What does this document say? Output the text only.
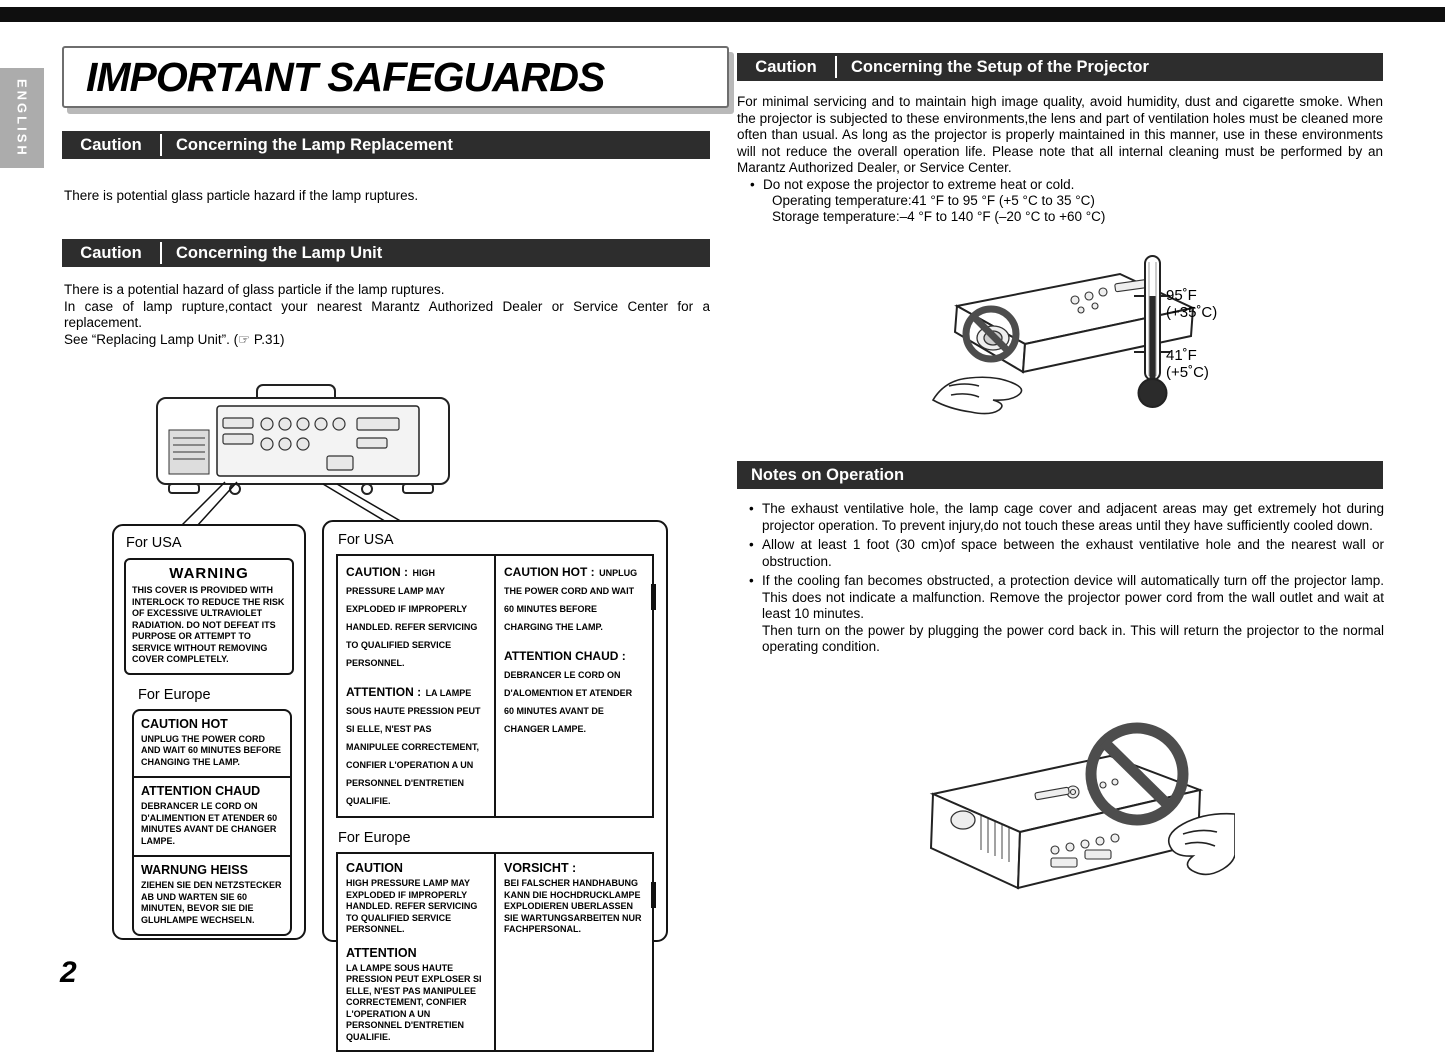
ENGLISH
IMPORTANT SAFEGUARDS
Caution	Concerning the Lamp Replacement

There is potential glass particle hazard if the lamp ruptures.

Caution	Concerning the Lamp Unit

There is a potential hazard of glass particle if the lamp ruptures.

In case of lamp rupture,contact your nearest Marantz Authorized Dealer or Service Center for a replacement.

See “Replacing Lamp Unit”. (☞ P.31)

For USA
WARNING
THIS COVER IS PROVIDED WITH INTERLOCK TO REDUCE THE RISK OF EXCESSIVE ULTRAVIOLET RADIATION. DO NOT DEFEAT ITS PURPOSE OR ATTEMPT TO SERVICE WITHOUT REMOVING COVER COMPLETELY.
For Europe
CAUTION HOT
UNPLUG THE POWER CORD AND WAIT 60 MINUTES BEFORE CHANGING THE LAMP.
ATTENTION CHAUD
DEBRANCER LE CORD ON D'ALIMENTION ET ATENDER 60 MINUTES AVANT DE CHANGER LAMPE.
WARNUNG HEISS
ZIEHEN SIE DEN NETZSTECKER AB UND WARTEN SIE 60 MINUTEN, BEVOR SIE DIE GLUHLAMPE WECHSELN.
For USA

CAUTION : HIGH PRESSURE LAMP MAY EXPLODED IF IMPROPERLY HANDLED. REFER SERVICING TO QUALIFIED SERVICE PERSONNEL.

ATTENTION : LA LAMPE SOUS HAUTE PRESSION PEUT SI ELLE, N'EST PAS MANIPULEE CORRECTEMENT, CONFIER L'OPERATION A UN PERSONNEL D'ENTRETIEN QUALIFIE.

CAUTION HOT : UNPLUG THE POWER CORD AND WAIT 60 MINUTES BEFORE CHARGING THE LAMP.

ATTENTION CHAUD : DEBRANCER LE CORD ON D'ALOMENTION ET ATENDER 60 MINUTES AVANT DE CHANGER LAMPE.

For Europe
CAUTION
HIGH PRESSURE LAMP MAY EXPLODED IF IMPROPERLY HANDLED. REFER SERVICING TO QUALIFIED SERVICE PERSONNEL.
ATTENTION
LA LAMPE SOUS HAUTE PRESSION PEUT EXPLOSER SI ELLE, N'EST PAS MANIPULEE CORRECTEMENT, CONFIER L'OPERATION A UN PERSONNEL D'ENTRETIEN QUALIFIE.
VORSICHT :
BEI FALSCHER HANDHABUNG KANN DIE HOCHDRUCKLAMPE EXPLODIEREN UBERLASSEN SIE WARTUNGSARBEITEN NUR FACHPERSONAL.
2
Caution	Concerning the Setup of the Projector

For minimal servicing and to maintain high image quality, avoid humidity, dust and cigarette smoke. When the projector is subjected to these environments,the lens and part of ventilation holes must be cleaned more often than usual. As long as the projector is properly maintained in this manner, use in these environments will not reduce the overall operation life. Please note that all internal cleaning must be performed by an Marantz Authorized Dealer, or Service Center.

•
Do not expose the projector to extreme heat or cold.

Operating temperature:41 °F to 95 °F (+5 °C to 35 °C)

Storage temperature:–4 °F to 140 °F (–20 °C to +60 °C)

95˚F
(+35˚C)
41˚F
(+5˚C)
Notes on Operation
•
The exhaust ventilative hole, the lamp cage cover and adjacent areas may get extremely hot during projector operation. To prevent injury,do not touch these areas until they have sufficiently cooled down.
•
Allow at least 1 foot (30 cm)of space between the exhaust ventilative hole and the nearest wall or obstruction.
•
If the cooling fan becomes obstructed, a protection device will automatically turn off the projector lamp. This does not indicate a malfunction. Remove the projector power cord from the wall outlet and wait at least 10 minutes.
Then turn on the power by plugging the power cord back in. This will return the projector to the normal operating condition.
